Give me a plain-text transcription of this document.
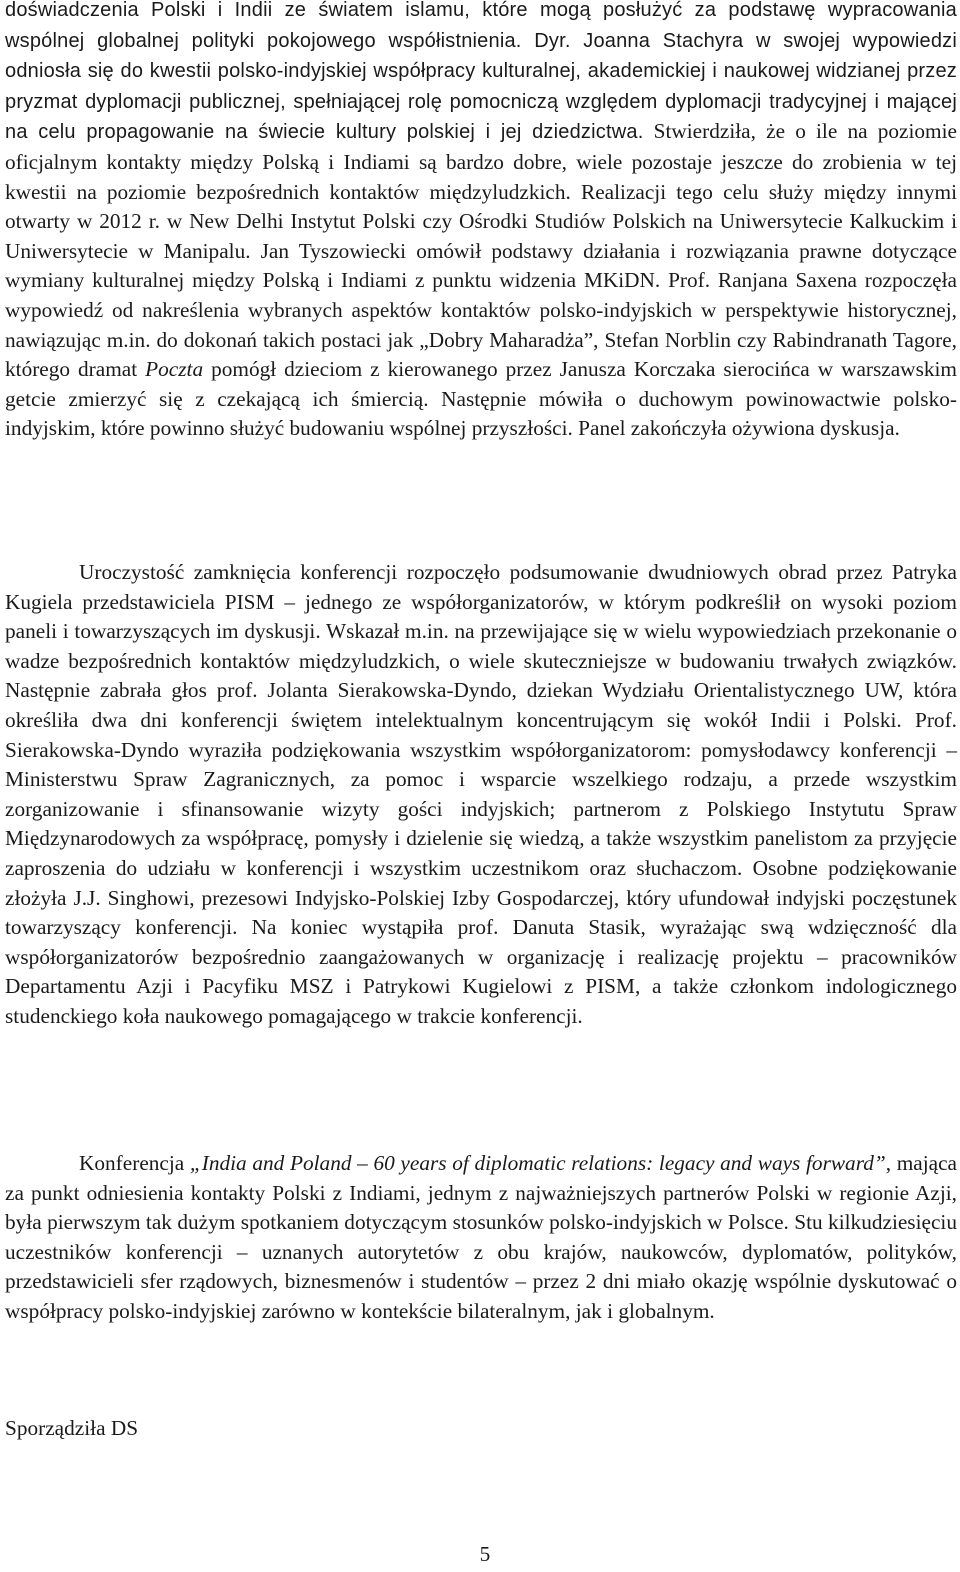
doświadczenia Polski i Indii ze światem islamu, które mogą posłużyć za podstawę wypracowania wspólnej globalnej polityki pokojowego współistnienia. Dyr. Joanna Stachyra w swojej wypowiedzi odniosła się do kwestii polsko-indyjskiej współpracy kulturalnej, akademickiej i naukowej widzianej przez pryzmat dyplomacji publicznej, spełniającej rolę pomocniczą względem dyplomacji tradycyjnej i mającej na celu propagowanie na świecie kultury polskiej i jej dziedzictwa. Stwierdziła, że o ile na poziomie oficjalnym kontakty między Polską i Indiami są bardzo dobre, wiele pozostaje jeszcze do zrobienia w tej kwestii na poziomie bezpośrednich kontaktów międzyludzkich. Realizacji tego celu służy między innymi otwarty w 2012 r. w New Delhi Instytut Polski czy Ośrodki Studiów Polskich na Uniwersytecie Kalkuckim i Uniwersytecie w Manipalu. Jan Tyszowiecki omówił podstawy działania i rozwiązania prawne dotyczące wymiany kulturalnej między Polską i Indiami z punktu widzenia MKiDN. Prof. Ranjana Saxena rozpoczęła wypowiedź od nakreślenia wybranych aspektów kontaktów polsko-indyjskich w perspektywie historycznej, nawiązując m.in. do dokonań takich postaci jak „Dobry Maharadża”, Stefan Norblin czy Rabindranath Tagore, którego dramat Poczta pomógł dzieciom z kierowanego przez Janusza Korczaka sierocińca w warszawskim getcie zmierzyć się z czekającą ich śmiercią. Następnie mówiła o duchowym powinowactwie polsko-indyjskim, które powinno służyć budowaniu wspólnej przyszłości. Panel zakończyła ożywiona dyskusja.

Uroczystość zamknięcia konferencji rozpoczęło podsumowanie dwudniowych obrad przez Patryka Kugiela przedstawiciela PISM – jednego ze współorganizatorów, w którym podkreślił on wysoki poziom paneli i towarzyszących im dyskusji. Wskazał m.in. na przewijające się w wielu wypowiedziach przekonanie o wadze bezpośrednich kontaktów międzyludzkich, o wiele skuteczniejsze w budowaniu trwałych związków. Następnie zabrała głos prof. Jolanta Sierakowska-Dyndo, dziekan Wydziału Orientalistycznego UW, która określiła dwa dni konferencji świętem intelektualnym koncentrującym się wokół Indii i Polski. Prof. Sierakowska-Dyndo wyraziła podziękowania wszystkim współorganizatorom: pomysłodawcy konferencji – Ministerstwu Spraw Zagranicznych, za pomoc i wsparcie wszelkiego rodzaju, a przede wszystkim zorganizowanie i sfinansowanie wizyty gości indyjskich; partnerom z Polskiego Instytutu Spraw Międzynarodowych za współpracę, pomysły i dzielenie się wiedzą, a także wszystkim panelistom za przyjęcie zaproszenia do udziału w konferencji i wszystkim uczestnikom oraz słuchaczom. Osobne podziękowanie złożyła J.J. Singhowi, prezesowi Indyjsko-Polskiej Izby Gospodarczej, który ufundował indyjski poczęstunek towarzyszący konferencji. Na koniec wystąpiła prof. Danuta Stasik, wyrażając swą wdzięczność dla współorganizatorów bezpośrednio zaangażowanych w organizację i realizację projektu – pracowników Departamentu Azji i Pacyfiku MSZ i Patrykowi Kugielowi z PISM, a także członkom indologicznego studenckiego koła naukowego pomagającego w trakcie konferencji.

Konferencja „India and Poland – 60 years of diplomatic relations: legacy and ways forward”, mająca za punkt odniesienia kontakty Polski z Indiami, jednym z najważniejszych partnerów Polski w regionie Azji, była pierwszym tak dużym spotkaniem dotyczącym stosunków polsko-indyjskich w Polsce. Stu kilkudziesięciu uczestników konferencji – uznanych autorytetów z obu krajów, naukowców, dyplomatów, polityków, przedstawicieli sfer rządowych, biznesmenów i studentów – przez 2 dni miało okazję wspólnie dyskutować o współpracy polsko-indyjskiej zarówno w kontekście bilateralnym, jak i globalnym.

Sporządziła DS
5
